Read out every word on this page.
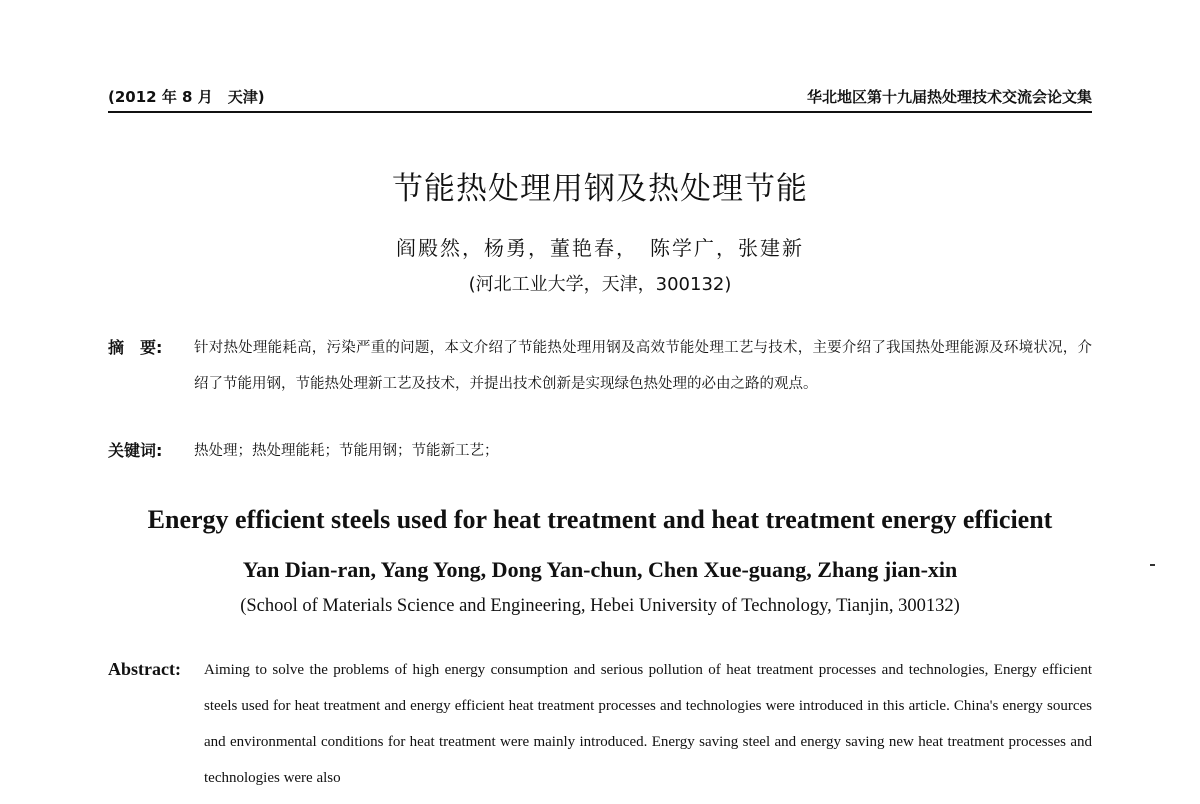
(2012 年 8 月　天津)	华北地区第十九届热处理技术交流会论文集
节能热处理用钢及热处理节能
阎殿然，杨勇，董艳春，　陈学广，张建新
(河北工业大学，天津，300132)
摘　要:	针对热处理能耗高，污染严重的问题，本文介绍了节能热处理用钢及高效节能处理工艺与技术，主要介绍了我国热处理能源及环境状况，介绍了节能用钢，节能热处理新工艺及技术，并提出技术创新是实现绿色热处理的必由之路的观点。
关键词:	热处理；热处理能耗；节能用钢；节能新工艺；
Energy efficient steels used for heat treatment and heat treatment energy efficient
Yan Dian-ran, Yang Yong, Dong Yan-chun, Chen Xue-guang, Zhang jian-xin
(School of Materials Science and Engineering, Hebei University of Technology, Tianjin, 300132)
Abstract:	Aiming to solve the problems of high energy consumption and serious pollution of heat treatment processes and technologies, Energy efficient steels used for heat treatment and energy efficient heat treatment processes and technologies were introduced in this article. China's energy sources and environmental conditions for heat treatment were mainly introduced. Energy saving steel and energy saving new heat treatment processes and technologies were also
